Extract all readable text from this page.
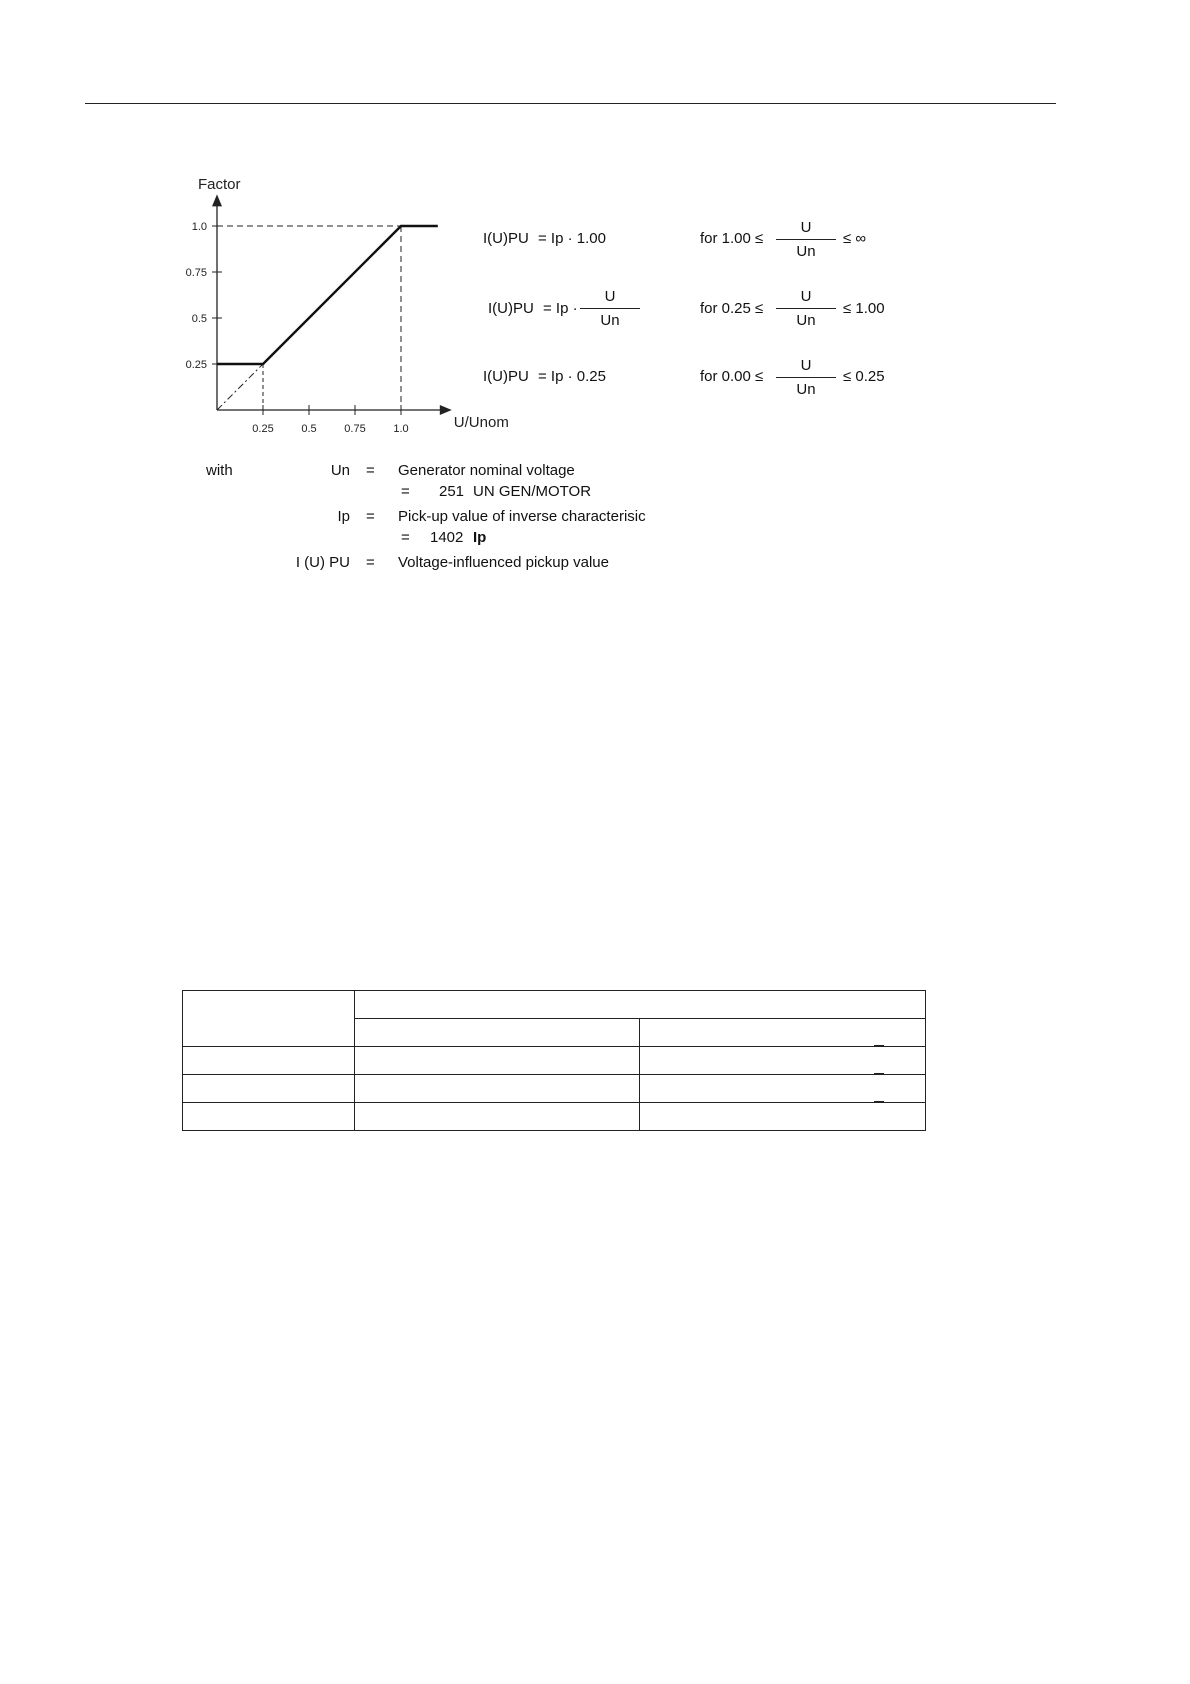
0.25	0.5	0.75	1.0
0.25
0.5
0.75
1.0
Factor
U/Unom
I(U)PU = Ip · 1.00	for 1.00 ≤
U
Un
≤ ∞
I(U)PU = Ip ·
U
Un
for 0.25 ≤
U
Un
≤ 1.00
I(U)PU = Ip · 0.25	for 0.00 ≤
U
Un
≤ 0.25
with	Un = Generator nominal voltage
= 251 UN GEN/MOTOR
Ip = Pick-up value of inverse characterisic
= 1402 Ip
I (U) PU = Voltage-influenced pickup value
